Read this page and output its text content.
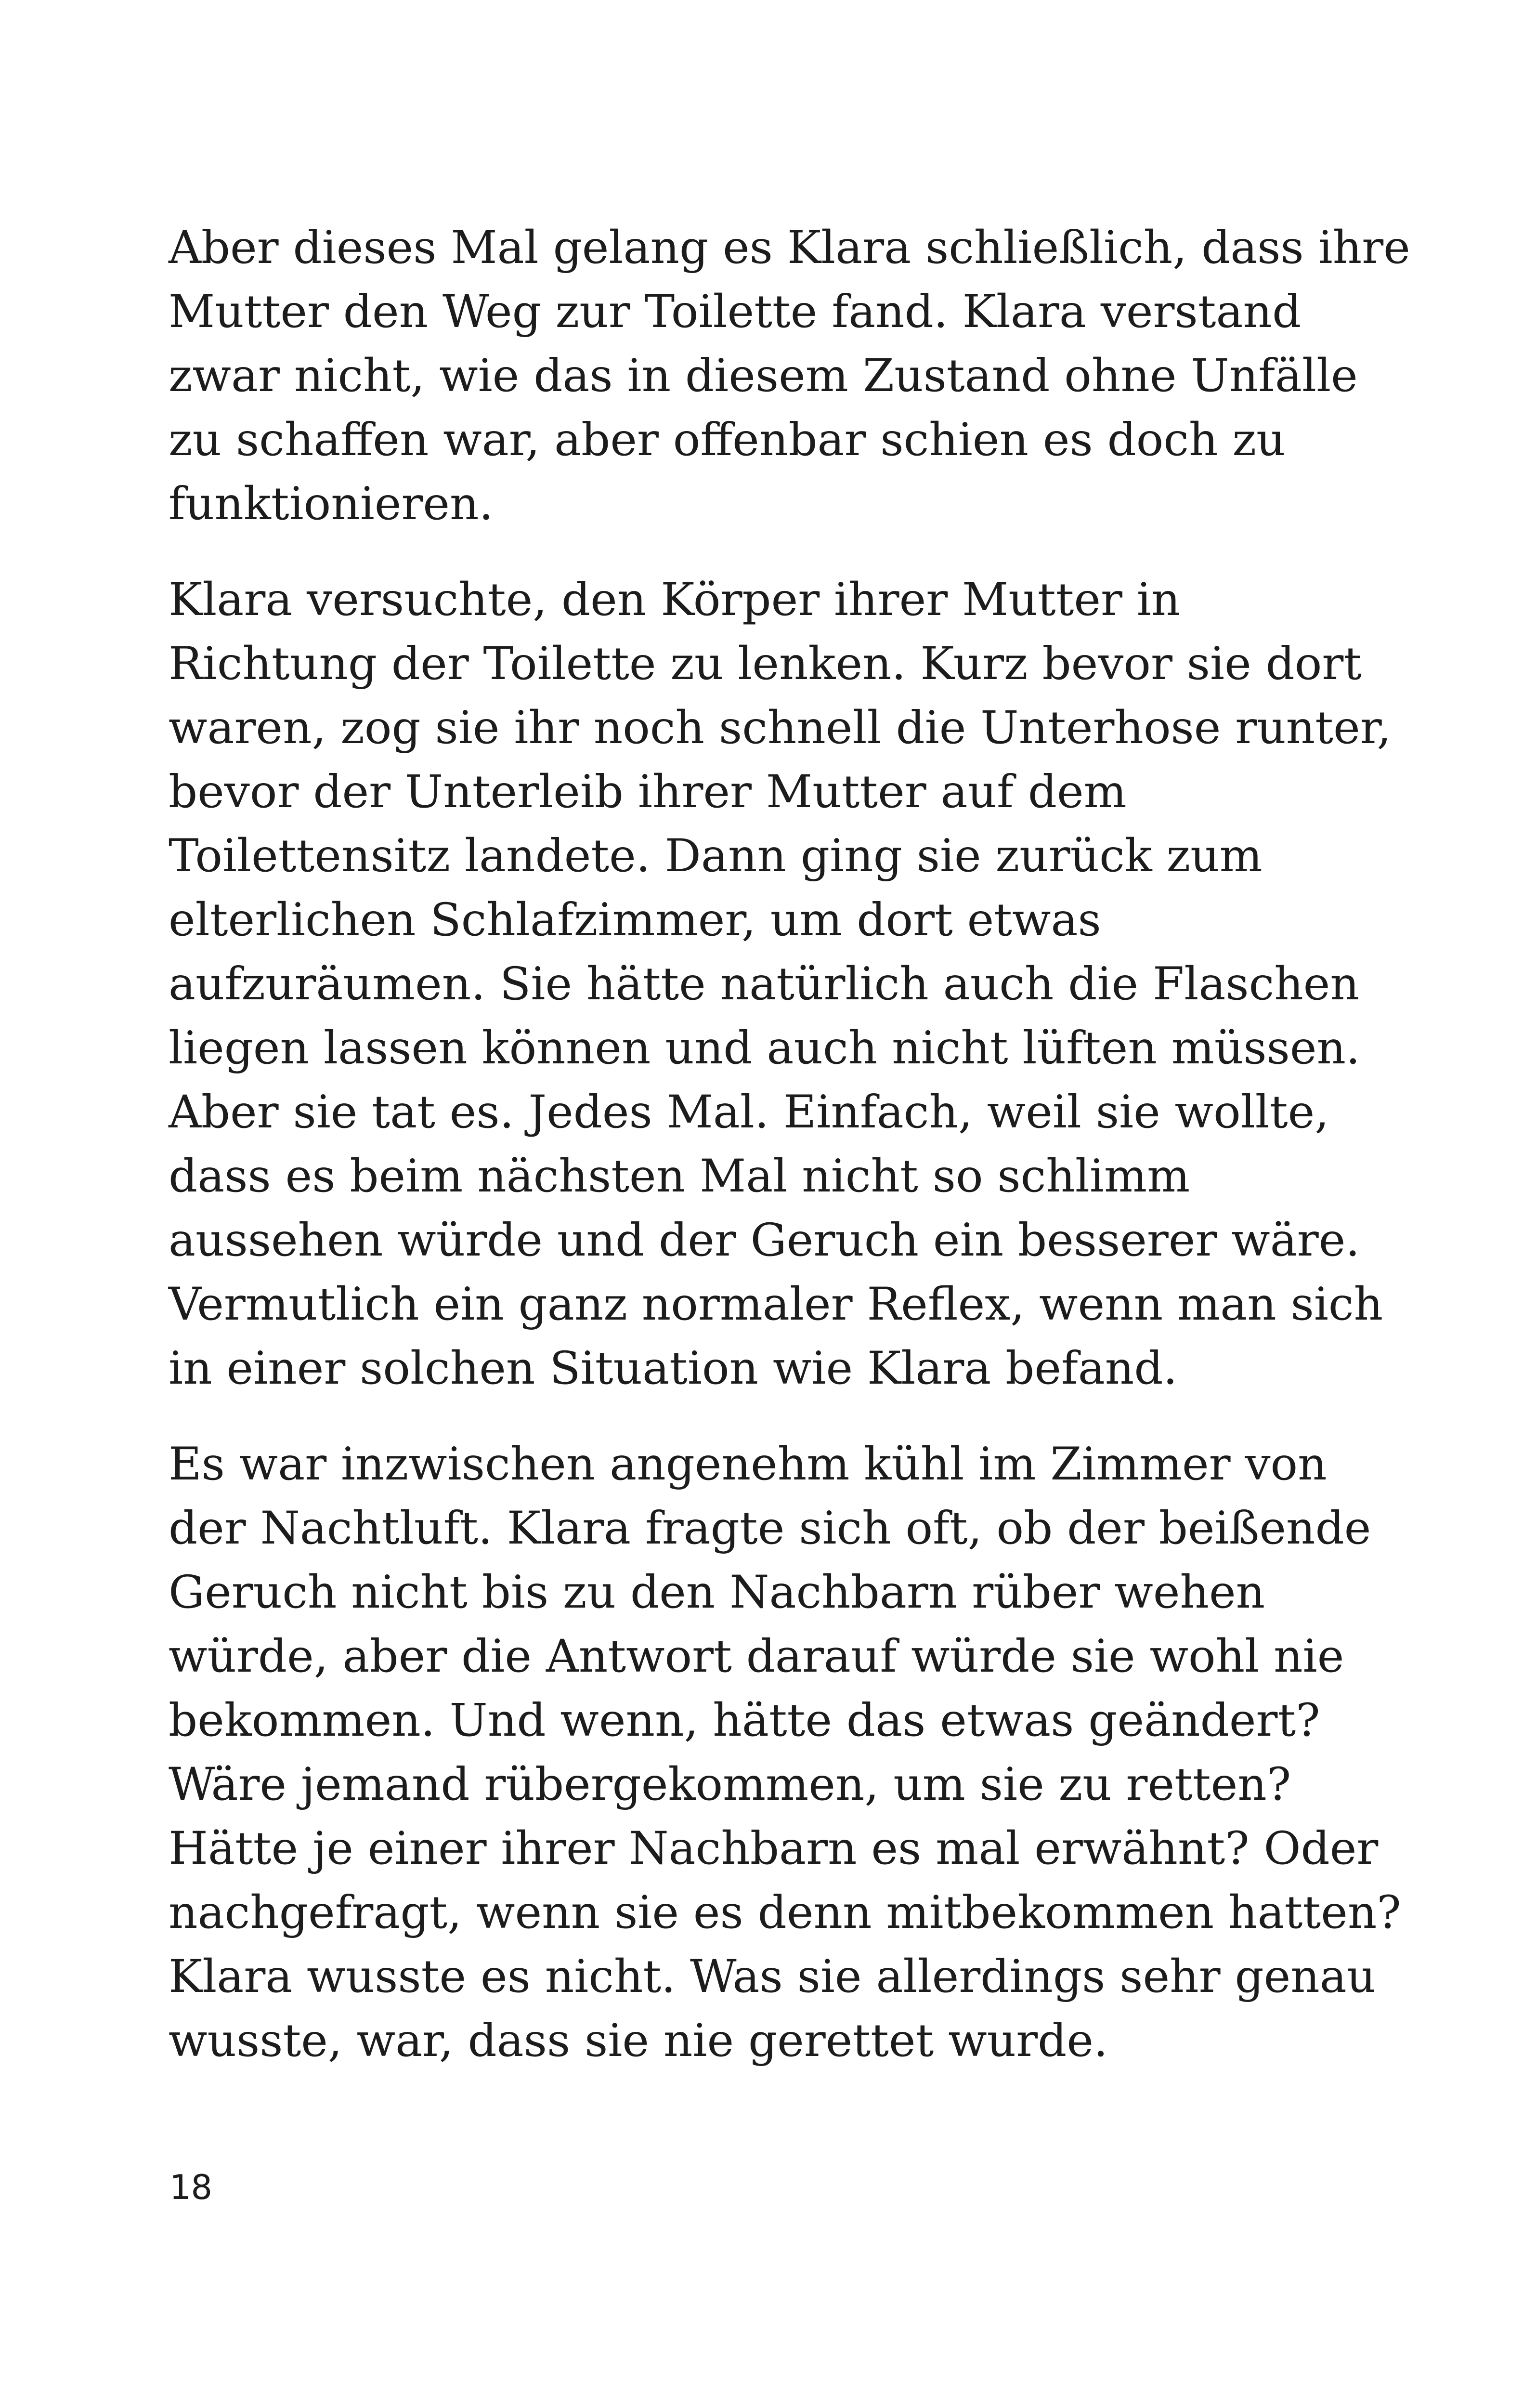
Aber dieses Mal gelang es Klara schließlich, dass ihre
Mutter den Weg zur Toilette fand. Klara verstand
zwar nicht, wie das in diesem Zustand ohne Unfälle
zu schaffen war, aber offenbar schien es doch zu
funktionieren.

Klara versuchte, den Körper ihrer Mutter in
Richtung der Toilette zu lenken. Kurz bevor sie dort
waren, zog sie ihr noch schnell die Unterhose runter,
bevor der Unterleib ihrer Mutter auf dem
Toilettensitz landete. Dann ging sie zurück zum
elterlichen Schlafzimmer, um dort etwas
aufzuräumen. Sie hätte natürlich auch die Flaschen
liegen lassen können und auch nicht lüften müssen.
Aber sie tat es. Jedes Mal. Einfach, weil sie wollte,
dass es beim nächsten Mal nicht so schlimm
aussehen würde und der Geruch ein besserer wäre.
Vermutlich ein ganz normaler Reflex, wenn man sich
in einer solchen Situation wie Klara befand.

Es war inzwischen angenehm kühl im Zimmer von
der Nachtluft. Klara fragte sich oft, ob der beißende
Geruch nicht bis zu den Nachbarn rüber wehen
würde, aber die Antwort darauf würde sie wohl nie
bekommen. Und wenn, hätte das etwas geändert?
Wäre jemand rübergekommen, um sie zu retten?
Hätte je einer ihrer Nachbarn es mal erwähnt? Oder
nachgefragt, wenn sie es denn mitbekommen hatten?
Klara wusste es nicht. Was sie allerdings sehr genau
wusste, war, dass sie nie gerettet wurde.

18
